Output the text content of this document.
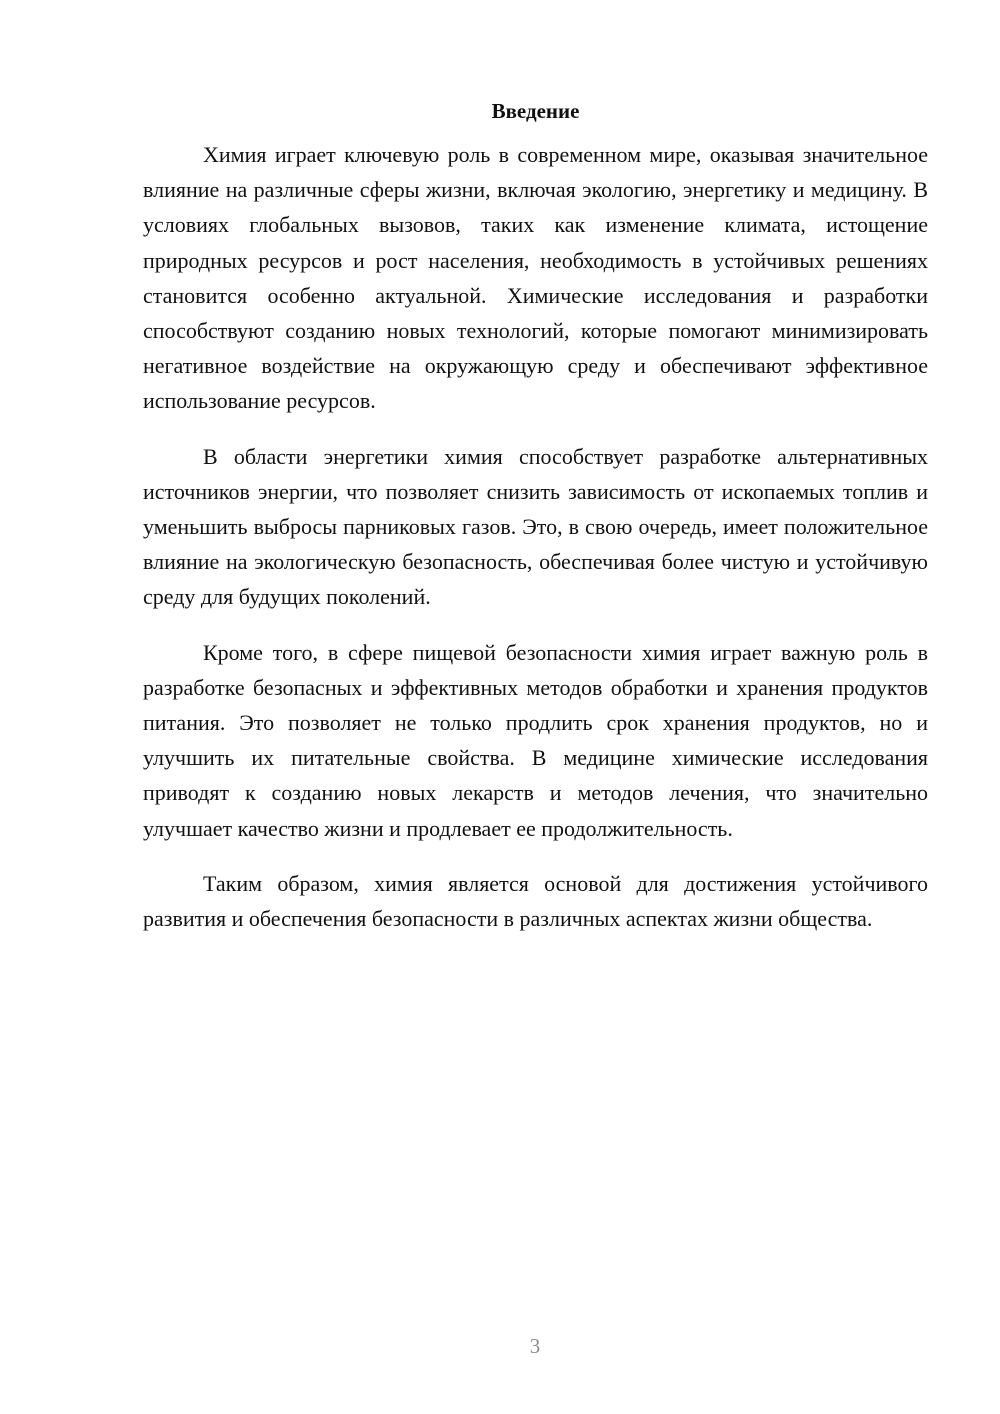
Введение

Химия играет ключевую роль в современном мире, оказывая значительное влияние на различные сферы жизни, включая экологию, энергетику и медицину. В условиях глобальных вызовов, таких как изменение климата, истощение природных ресурсов и рост населения, необходимость в устойчивых решениях становится особенно актуальной. Химические исследования и разработки способствуют созданию новых технологий, которые помогают минимизировать негативное воздействие на окружающую среду и обеспечивают эффективное использование ресурсов.

В области энергетики химия способствует разработке альтернативных источников энергии, что позволяет снизить зависимость от ископаемых топлив и уменьшить выбросы парниковых газов. Это, в свою очередь, имеет положительное влияние на экологическую безопасность, обеспечивая более чистую и устойчивую среду для будущих поколений.

Кроме того, в сфере пищевой безопасности химия играет важную роль в разработке безопасных и эффективных методов обработки и хранения продуктов питания. Это позволяет не только продлить срок хранения продуктов, но и улучшить их питательные свойства. В медицине химические исследования приводят к созданию новых лекарств и методов лечения, что значительно улучшает качество жизни и продлевает ее продолжительность.

Таким образом, химия является основой для достижения устойчивого развития и обеспечения безопасности в различных аспектах жизни общества.

3
